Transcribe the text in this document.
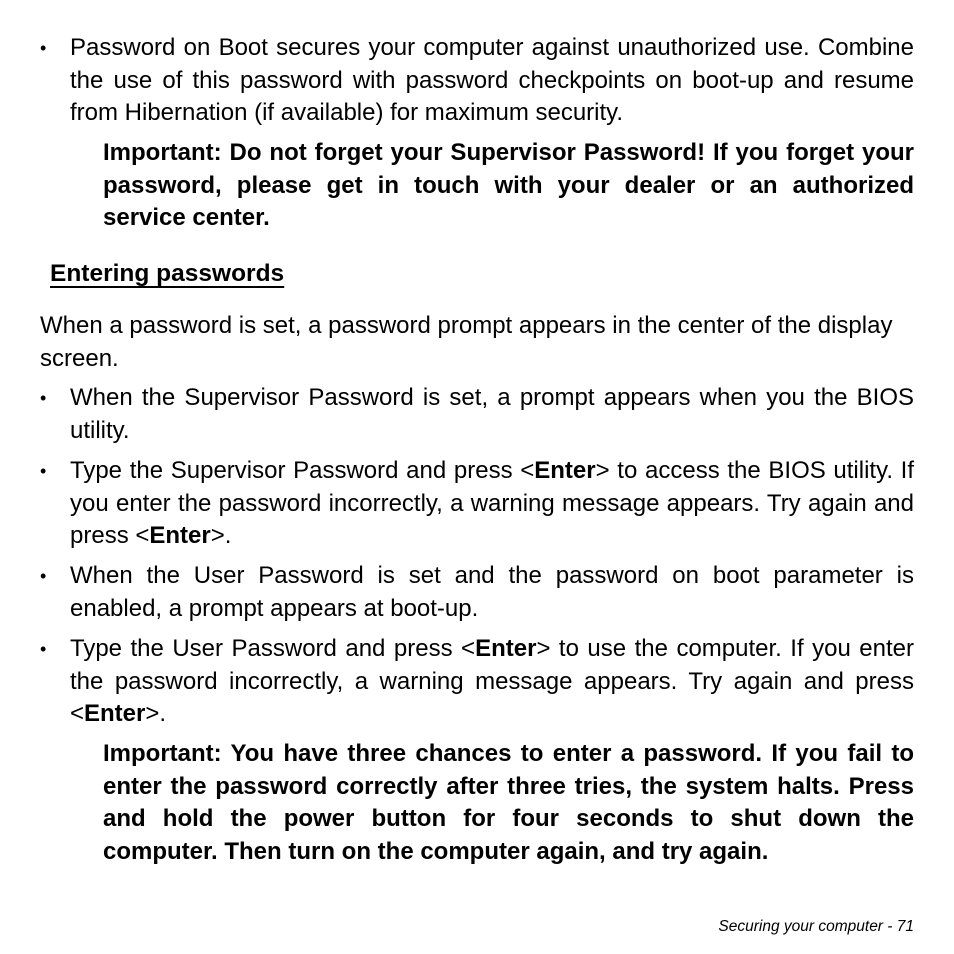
• Password on Boot secures your computer against unauthorized use. Combine the use of this password with password checkpoints on boot-up and resume from Hibernation (if available) for maximum security.
Important: Do not forget your Supervisor Password! If you forget your password, please get in touch with your dealer or an authorized service center.
Entering passwords
When a password is set, a password prompt appears in the center of the display screen.
• When the Supervisor Password is set, a prompt appears when you the BIOS utility.
• Type the Supervisor Password and press <Enter> to access the BIOS utility. If you enter the password incorrectly, a warning message appears. Try again and press <Enter>.
• When the User Password is set and the password on boot parameter is enabled, a prompt appears at boot-up.
• Type the User Password and press <Enter> to use the computer. If you enter the password incorrectly, a warning message appears. Try again and press <Enter>.
Important: You have three chances to enter a password. If you fail to enter the password correctly after three tries, the system halts. Press and hold the power button for four seconds to shut down the computer. Then turn on the computer again, and try again.
Securing your computer - 71
